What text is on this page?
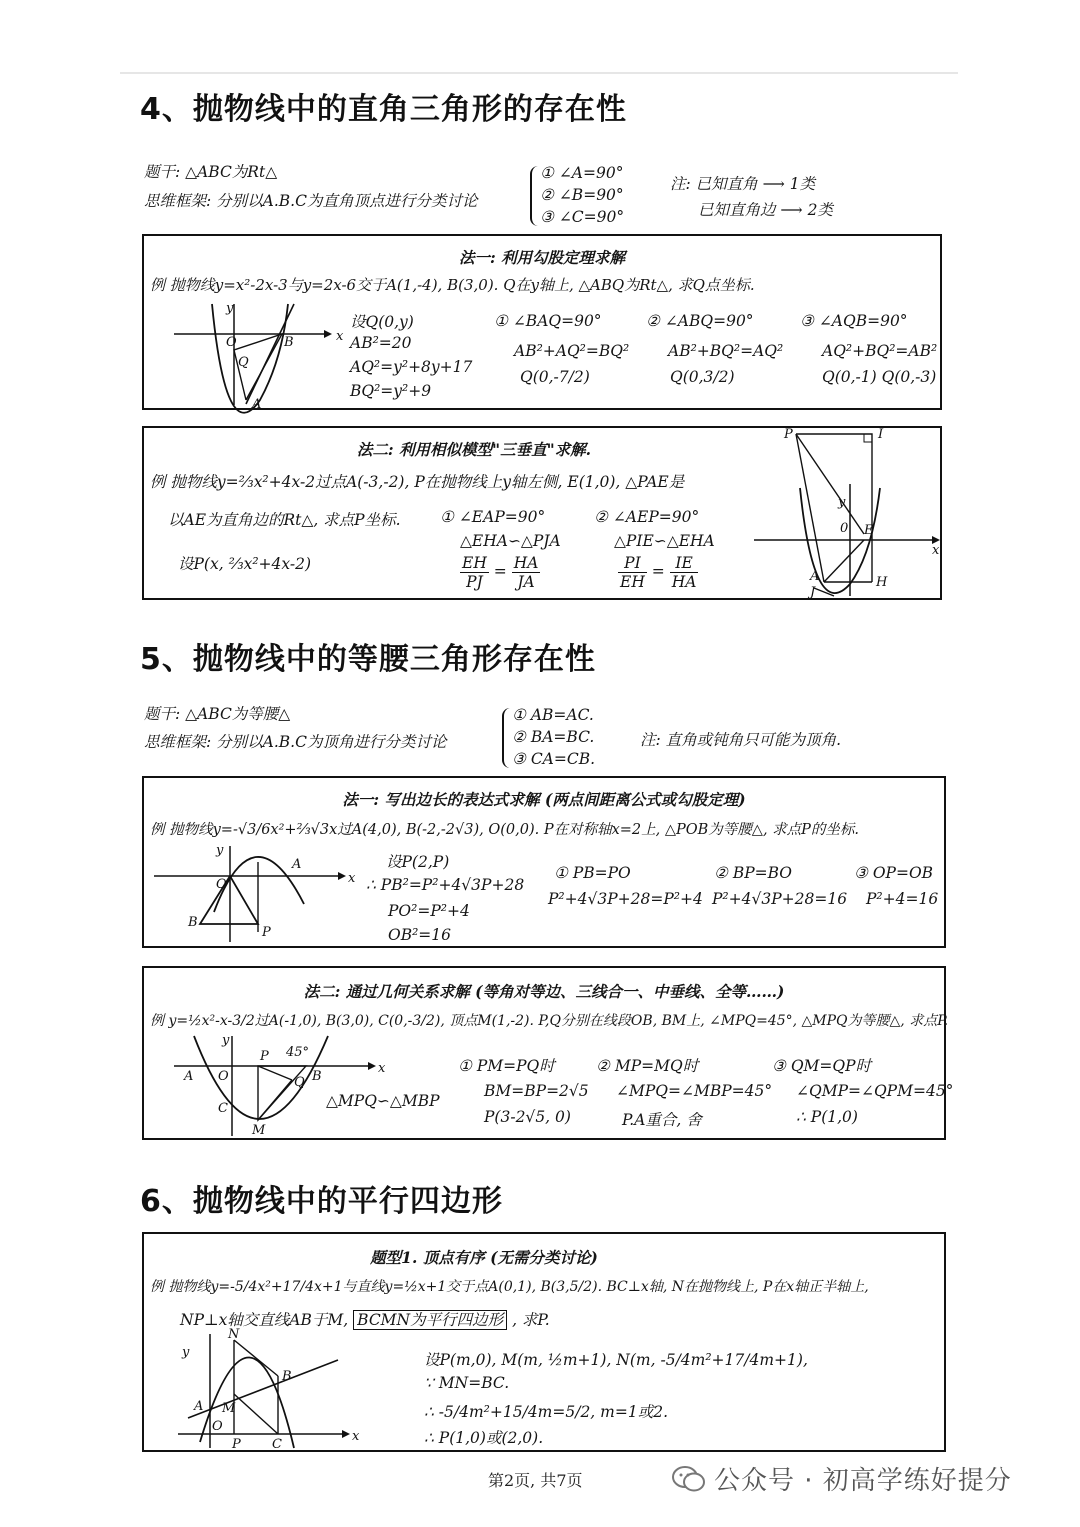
4、抛物线中的直角三角形的存在性
题干: △ABC为Rt△
思维框架: 分别以A.B.C为直角顶点进行分类讨论
① ∠A=90°
② ∠B=90°
③ ∠C=90°
注: 已知直角 ⟶ 1类
已知直角边 ⟶ 2类
法一: 利用勾股定理求解
例 抛物线y=x²-2x-3与y=2x-6交于A(1,-4), B(3,0). Q在y轴上, △ABQ为Rt△, 求Q点坐标.
y
x
O	B
Q
A
设Q(0,y)
AB²=20
AQ²=y²+8y+17
BQ²=y²+9
① ∠BAQ=90°
AB²+AQ²=BQ²
Q(0,-7/2)
② ∠ABQ=90°
AB²+BQ²=AQ²
Q(0,3/2)
③ ∠AQB=90°
AQ²+BQ²=AB²
Q(0,-1) Q(0,-3)
法二: 利用相似模型"三垂直"求解.
例 抛物线y=⅔x²+4x-2过点A(-3,-2), P在抛物线上y轴左侧, E(1,0), △PAE是
以AE为直角边的Rt△, 求点P坐标.
设P(x, ⅔x²+4x-2)
① ∠EAP=90°
△EHA∽△PJA
$\frac{EH}{PJ} = \frac{HA}{JA}$
② ∠AEP=90°
△PIE∽△EHA
$\frac{PI}{EH} = \frac{IE}{HA}$
P	I
y
0 E
x
A	H
J
5、抛物线中的等腰三角形存在性
题干: △ABC为等腰△
思维框架: 分别以A.B.C为顶角进行分类讨论
① AB=AC.
② BA=BC.
③ CA=CB.
注: 直角或钝角只可能为顶角.
法一: 写出边长的表达式求解 (两点间距离公式或勾股定理)
例 抛物线y=-√3/6x²+⅔√3x过A(4,0), B(-2,-2√3), O(0,0). P在对称轴x=2上, △POB为等腰△, 求点P的坐标.
y
x
O
A
B
P
设P(2,P)
∴ PB²=P²+4√3P+28
PO²=P²+4
OB²=16
① PB=PO
P²+4√3P+28=P²+4
② BP=BO
P²+4√3P+28=16
③ OP=OB
P²+4=16
法二: 通过几何关系求解 (等角对等边、三线合一、中垂线、全等……)
例 y=½x²-x-3/2过A(-1,0), B(3,0), C(0,-3/2), 顶点M(1,-2). P,Q分别在线段OB, BM上, ∠MPQ=45°, △MPQ为等腰△, 求点P.
y
x
A O
P 45°
Q B
C
M
△MPQ∽△MBP
① PM=PQ时
BM=BP=2√5
P(3-2√5, 0)
② MP=MQ时
∠MPQ=∠MBP=45°
P.A重合, 舍
③ QM=QP时
∠QMP=∠QPM=45°
∴ P(1,0)
6、抛物线中的平行四边形
题型1. 顶点有序 (无需分类讨论)
例 抛物线y=-5/4x²+17/4x+1与直线y=½x+1交于点A(0,1), B(3,5/2). BC⊥x轴, N在抛物线上, P在x轴正半轴上,
NP⊥x轴交直线AB于M, BCMN为平行四边形 , 求P.
y
N
B
A M
O
P C
x
设P(m,0), M(m, ½m+1), N(m, -5/4m²+17/4m+1),
∵ MN=BC.
∴ -5/4m²+15/4m=5/2, m=1或2.
∴ P(1,0)或(2,0).
第2页, 共7页	公众号 · 初高学练好提分
